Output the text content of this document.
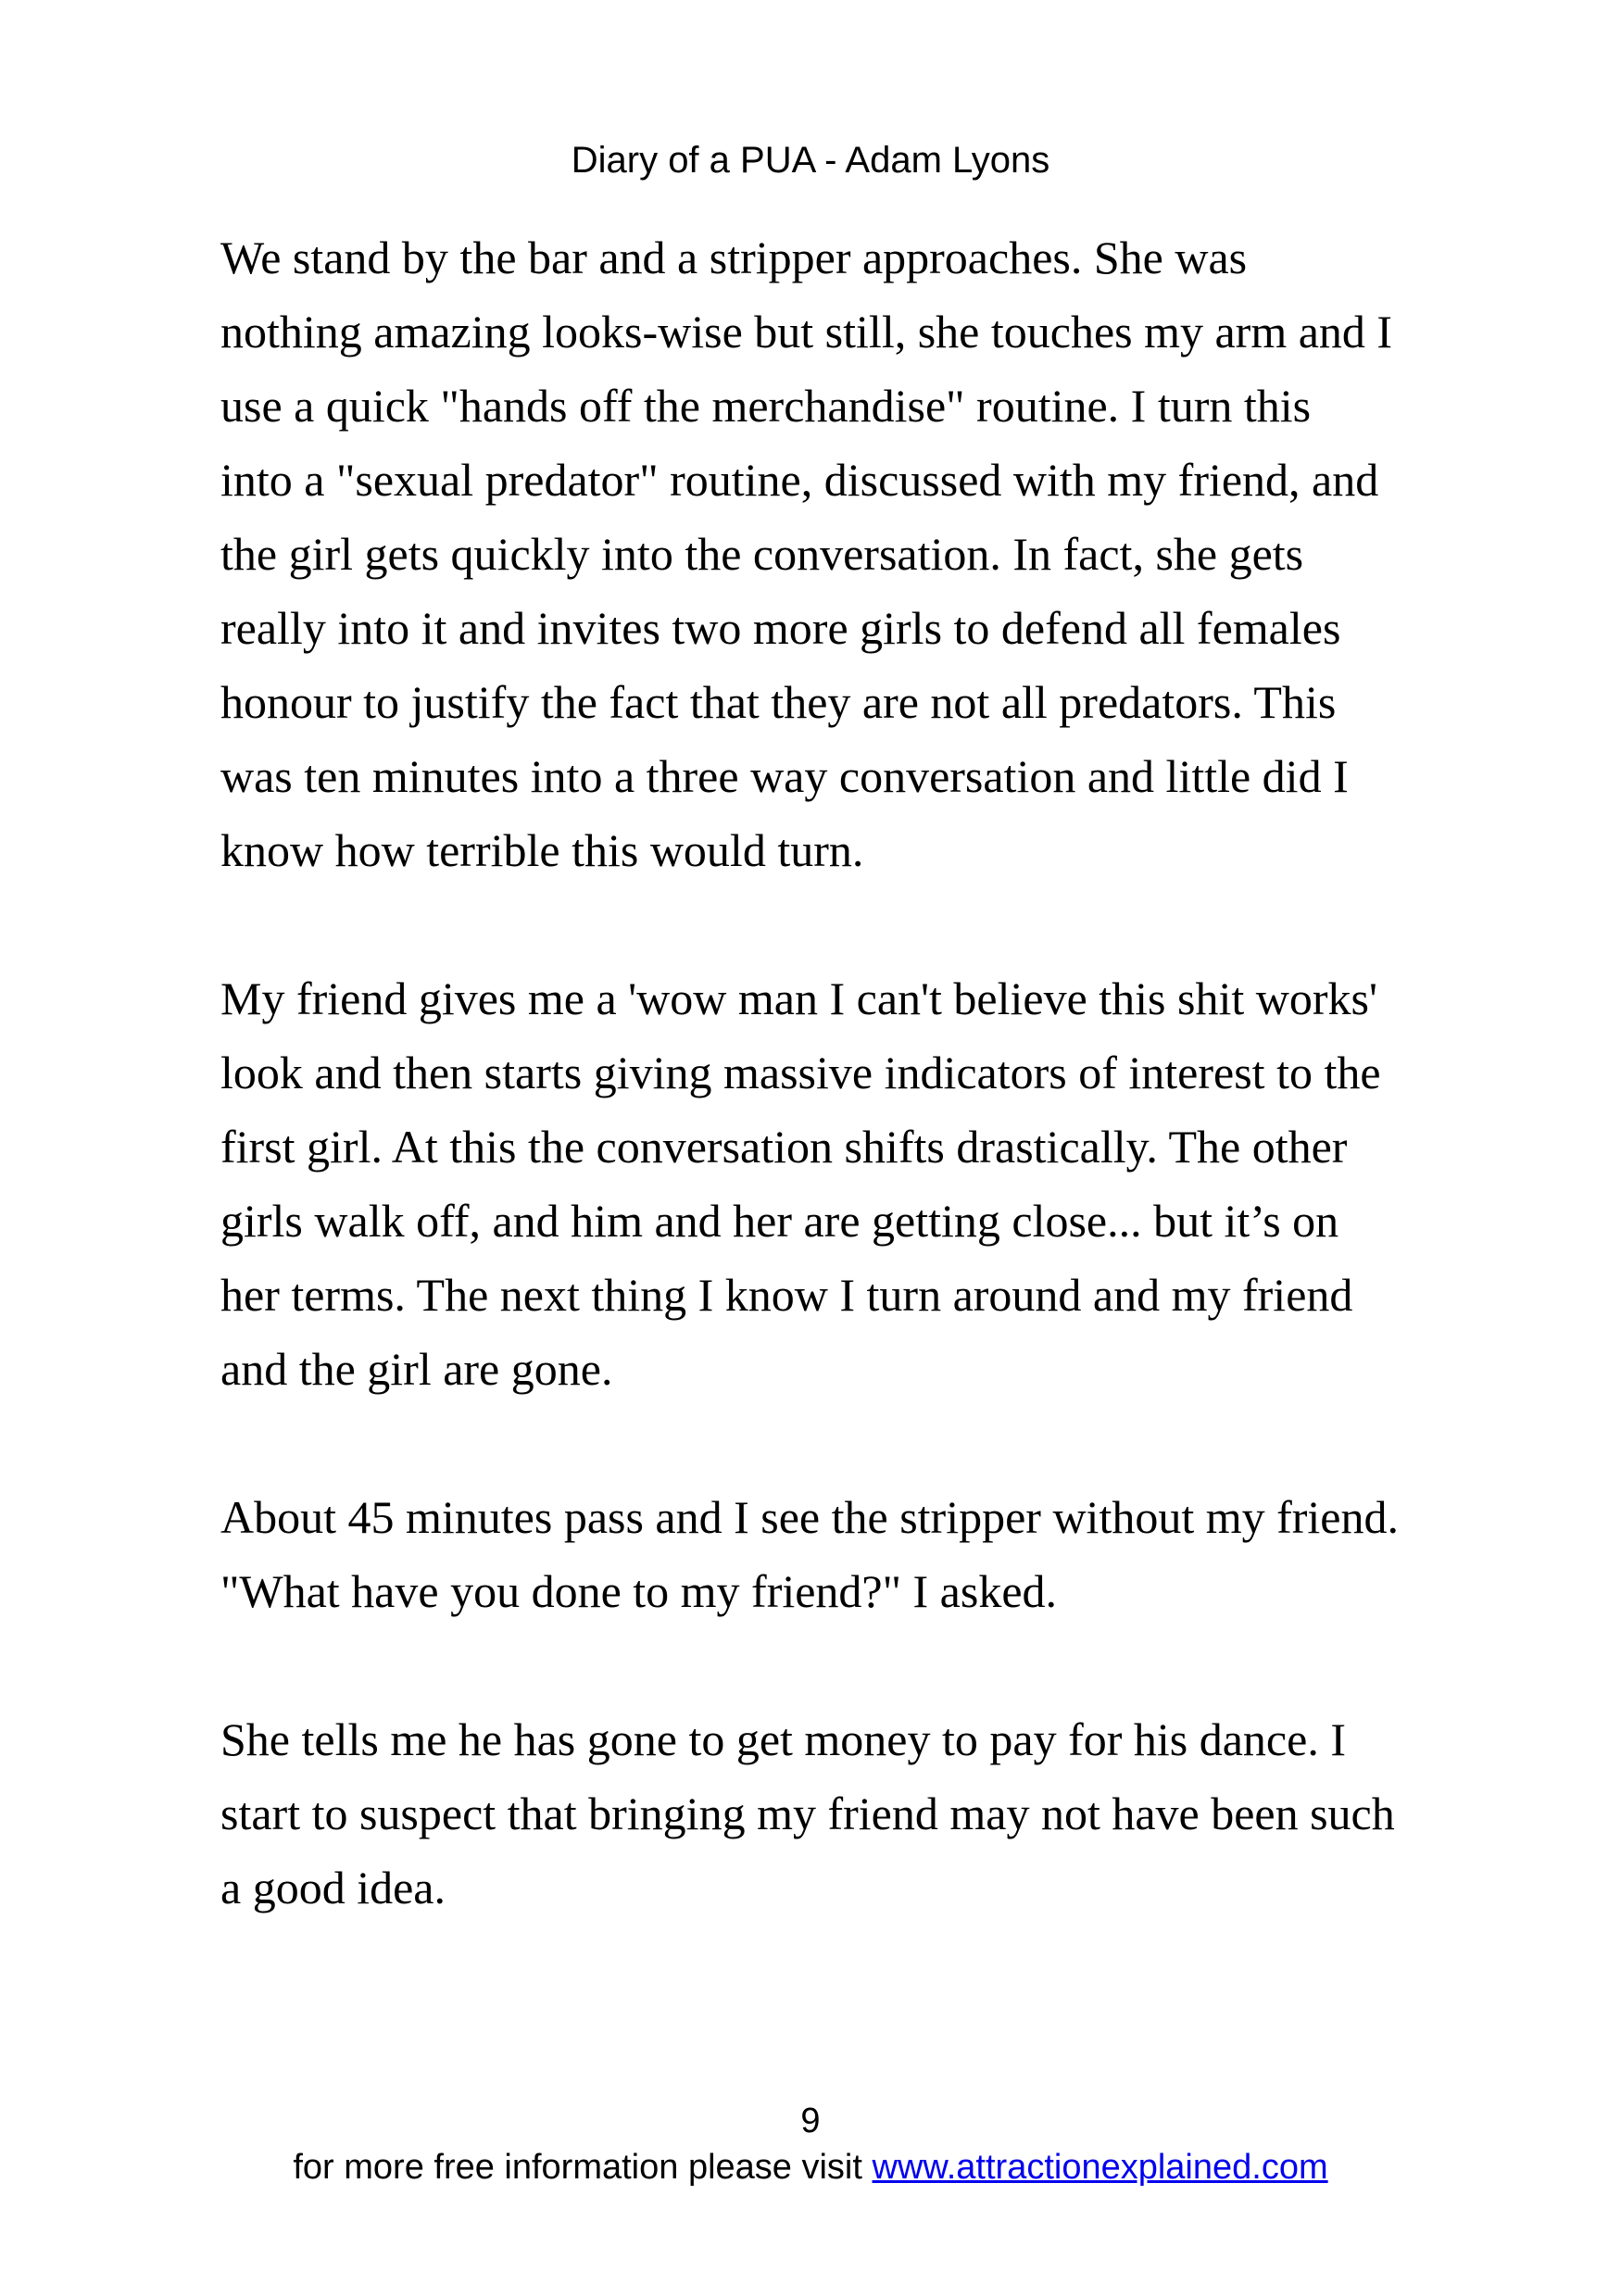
Diary of a PUA - Adam Lyons
We stand by the bar and a stripper approaches. She was
nothing amazing looks-wise but still, she touches my arm and I
use a quick "hands off the merchandise" routine. I turn this
into a "sexual predator" routine, discussed with my friend, and
the girl gets quickly into the conversation. In fact, she gets
really into it and invites two more girls to defend all females
honour to justify the fact that they are not all predators. This
was ten minutes into a three way conversation and little did I
know how terrible this would turn.
My friend gives me a 'wow man I can't believe this shit works'
look and then starts giving massive indicators of interest to the
first girl. At this the conversation shifts drastically. The other
girls walk off, and him and her are getting close... but it’s on
her terms. The next thing I know I turn around and my friend
and the girl are gone.
About 45 minutes pass and I see the stripper without my friend.
"What have you done to my friend?" I asked.
She tells me he has gone to get money to pay for his dance. I
start to suspect that bringing my friend may not have been such
a good idea.
9
for more free information please visit www.attractionexplained.com
